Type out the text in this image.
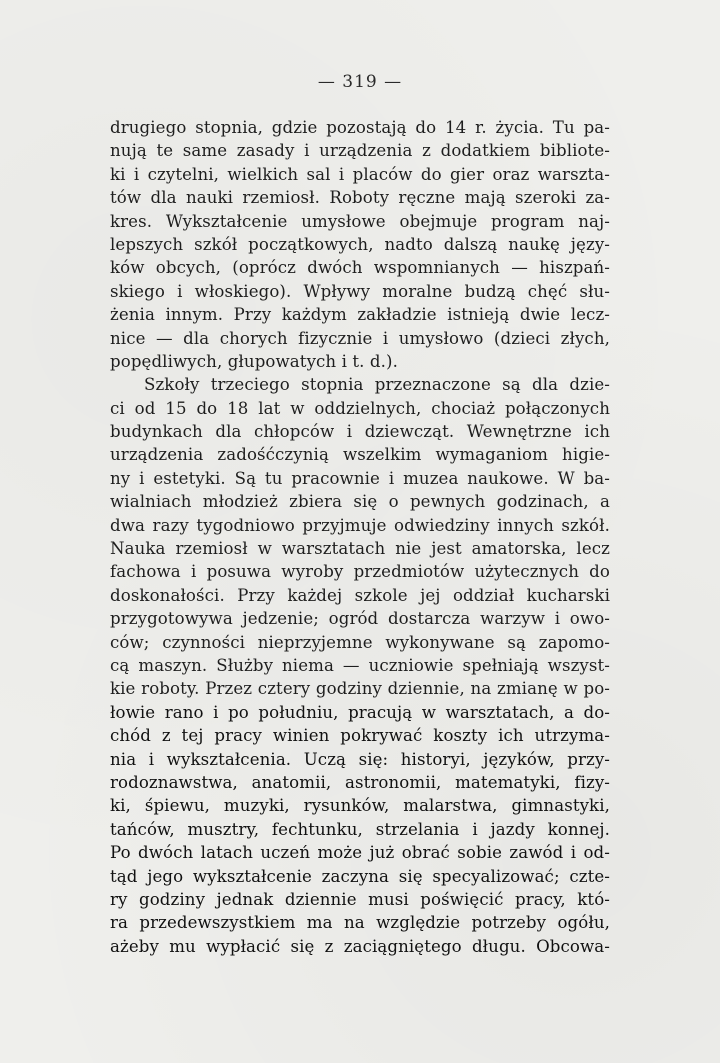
— 319 —
drugiego stopnia, gdzie pozostają do 14 r. życia. Tu pa-
nują te same zasady i urządzenia z dodatkiem bibliote-
ki i czytelni, wielkich sal i placów do gier oraz warszta-
tów dla nauki rzemiosł. Roboty ręczne mają szeroki za-
kres. Wykształcenie umysłowe obejmuje program naj-
lepszych szkół początkowych, nadto dalszą naukę języ-
ków obcych, (oprócz dwóch wspomnianych — hiszpań-
skiego i włoskiego). Wpływy moralne budzą chęć słu-
żenia innym. Przy każdym zakładzie istnieją dwie lecz-
nice — dla chorych fizycznie i umysłowo (dzieci złych,
popędliwych, głupowatych i t. d.).
Szkoły trzeciego stopnia przeznaczone są dla dzie-
ci od 15 do 18 lat w oddzielnych, chociaż połączonych
budynkach dla chłopców i dziewcząt. Wewnętrzne ich
urządzenia zadośćczynią wszelkim wymaganiom higie-
ny i estetyki. Są tu pracownie i muzea naukowe. W ba-
wialniach młodzież zbiera się o pewnych godzinach, a
dwa razy tygodniowo przyjmuje odwiedziny innych szkół.
Nauka rzemiosł w warsztatach nie jest amatorska, lecz
fachowa i posuwa wyroby przedmiotów użytecznych do
doskonałości. Przy każdej szkole jej oddział kucharski
przygotowywa jedzenie; ogród dostarcza warzyw i owo-
ców; czynności nieprzyjemne wykonywane są zapomo-
cą maszyn. Służby niema — uczniowie spełniają wszyst-
kie roboty. Przez cztery godziny dziennie, na zmianę w po-
łowie rano i po południu, pracują w warsztatach, a do-
chód z tej pracy winien pokrywać koszty ich utrzyma-
nia i wykształcenia. Uczą się: historyi, języków, przy-
rodoznawstwa, anatomii, astronomii, matematyki, fizy-
ki, śpiewu, muzyki, rysunków, malarstwa, gimnastyki,
tańców, musztry, fechtunku, strzelania i jazdy konnej.
Po dwóch latach uczeń może już obrać sobie zawód i od-
tąd jego wykształcenie zaczyna się specyalizować; czte-
ry godziny jednak dziennie musi poświęcić pracy, któ-
ra przedewszystkiem ma na względzie potrzeby ogółu,
ażeby mu wypłacić się z zaciągniętego długu. Obcowa-
